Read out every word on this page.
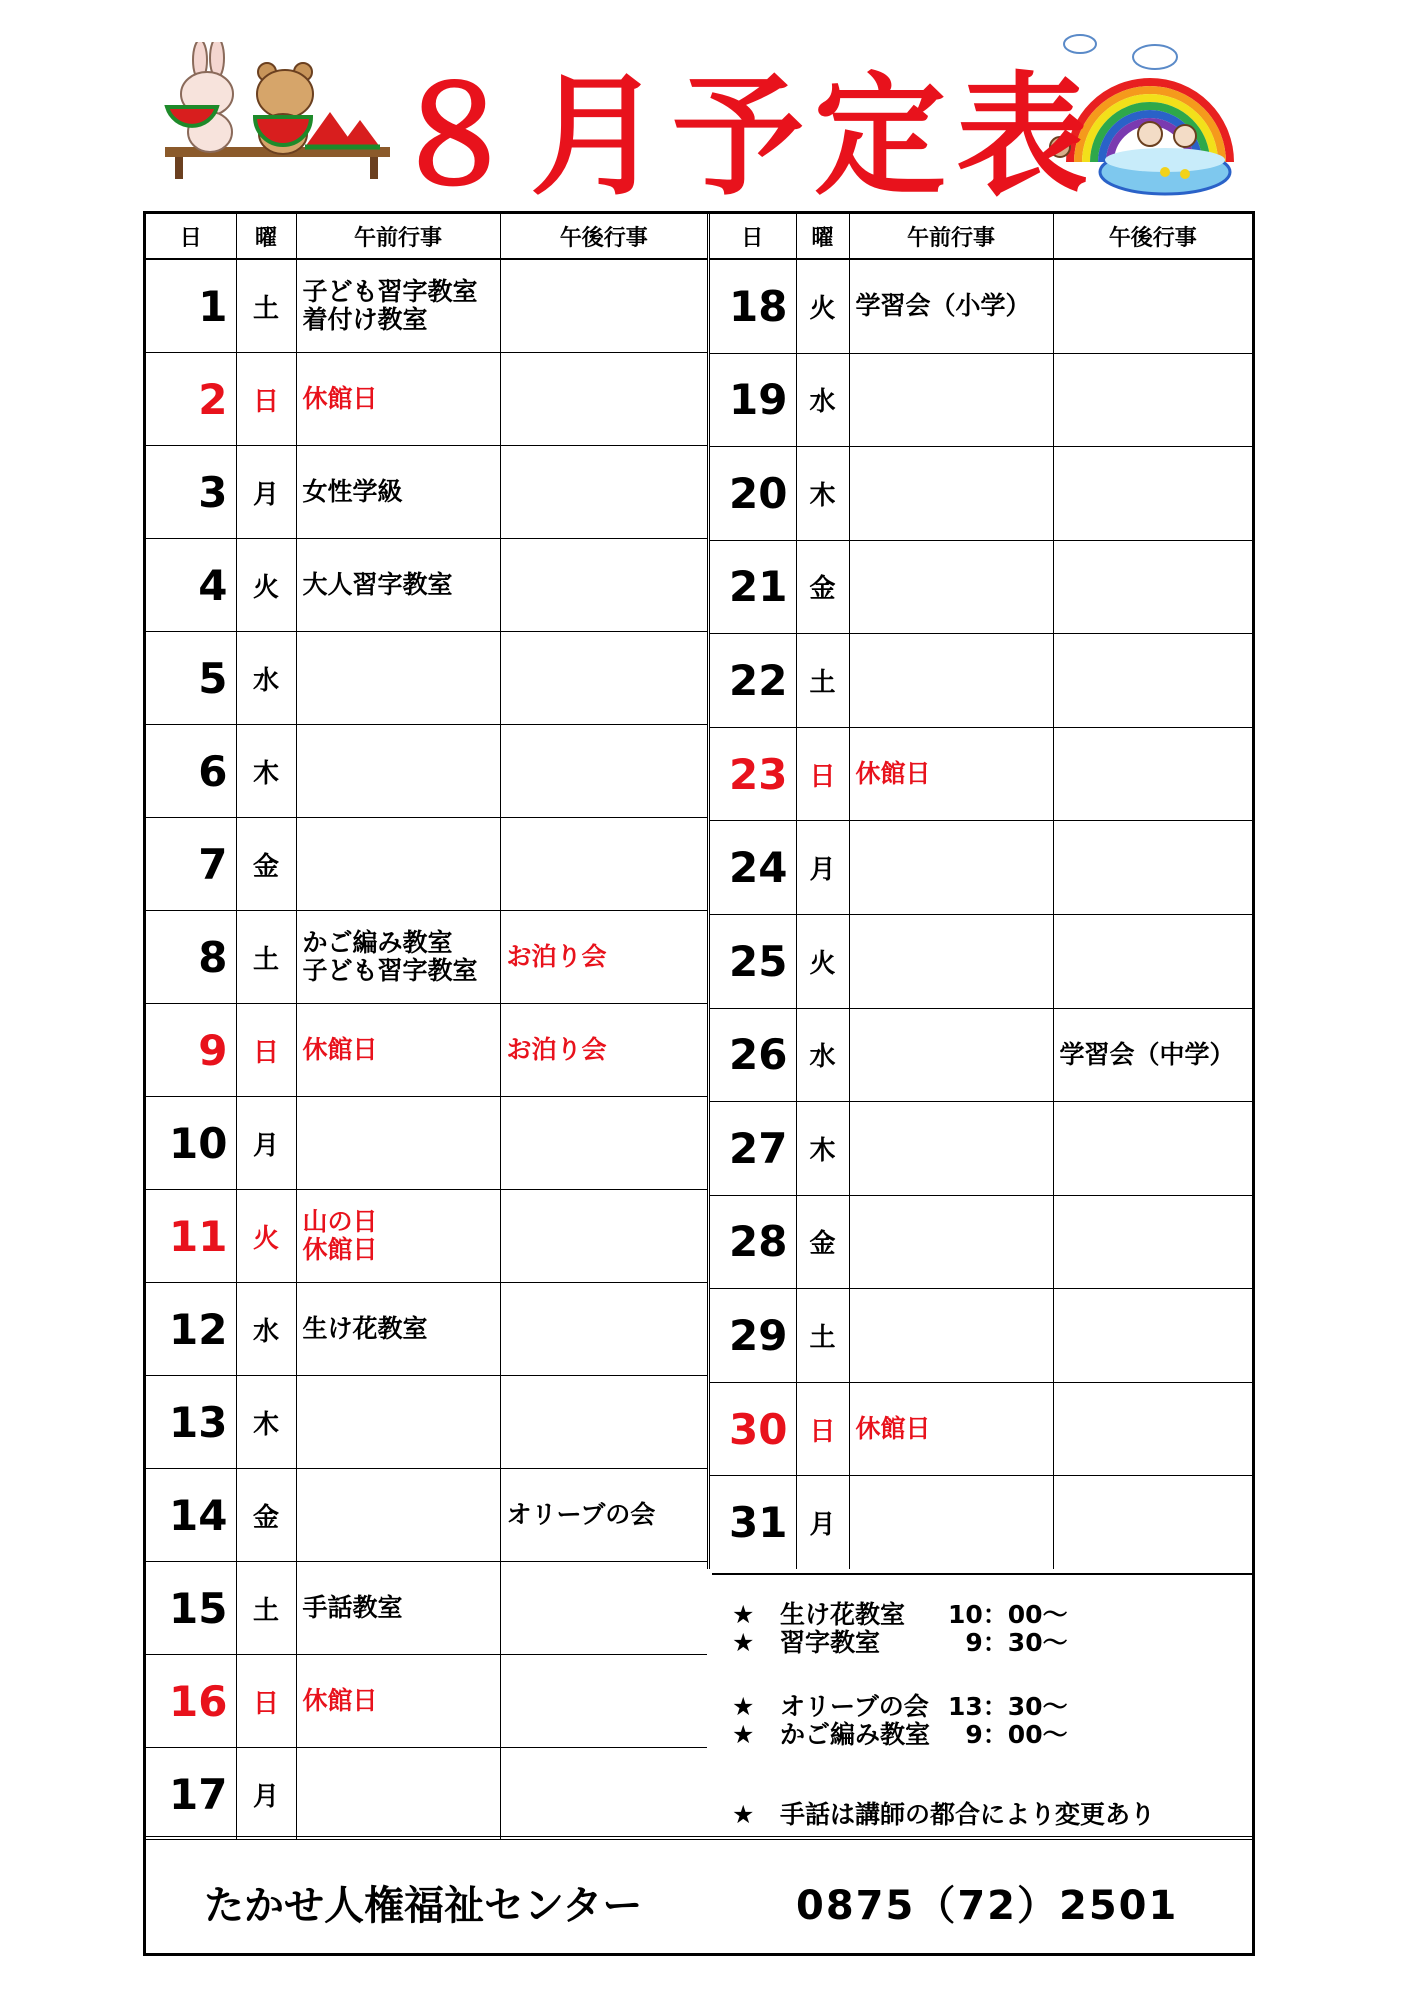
８月予定表
日	曜	午前行事	午後行事
1	土	子ども習字教室
着付け教室	

2	日	休館日	

3	月	女性学級	

4	火	大人習字教室	

5	水		
6	木		
7	金		
8	土	かご編み教室
子ども習字教室	お泊り会

9	日	休館日	お泊り会

10	月		
11	火	山の日
休館日	

12	水	生け花教室	

13	木		
14	金		オリーブの会

15	土	手話教室	

16	日	休館日	

17	月		
日	曜	午前行事	午後行事
18	火	学習会（小学）	

19	水		
20	木		
21	金		
22	土		
23	日	休館日	

24	月		
25	火		
26	水		学習会（中学）

27	木		
28	金		
29	土		
30	日	休館日	

31	月		
★ 生け花教室 10：00～
★ 習字教室	9：30～
★ オリーブの会 13：30～
★ かご編み教室  9：00～
★ 手話は講師の都合により変更あり
たかせ人権福祉センター	0875（72）2501
